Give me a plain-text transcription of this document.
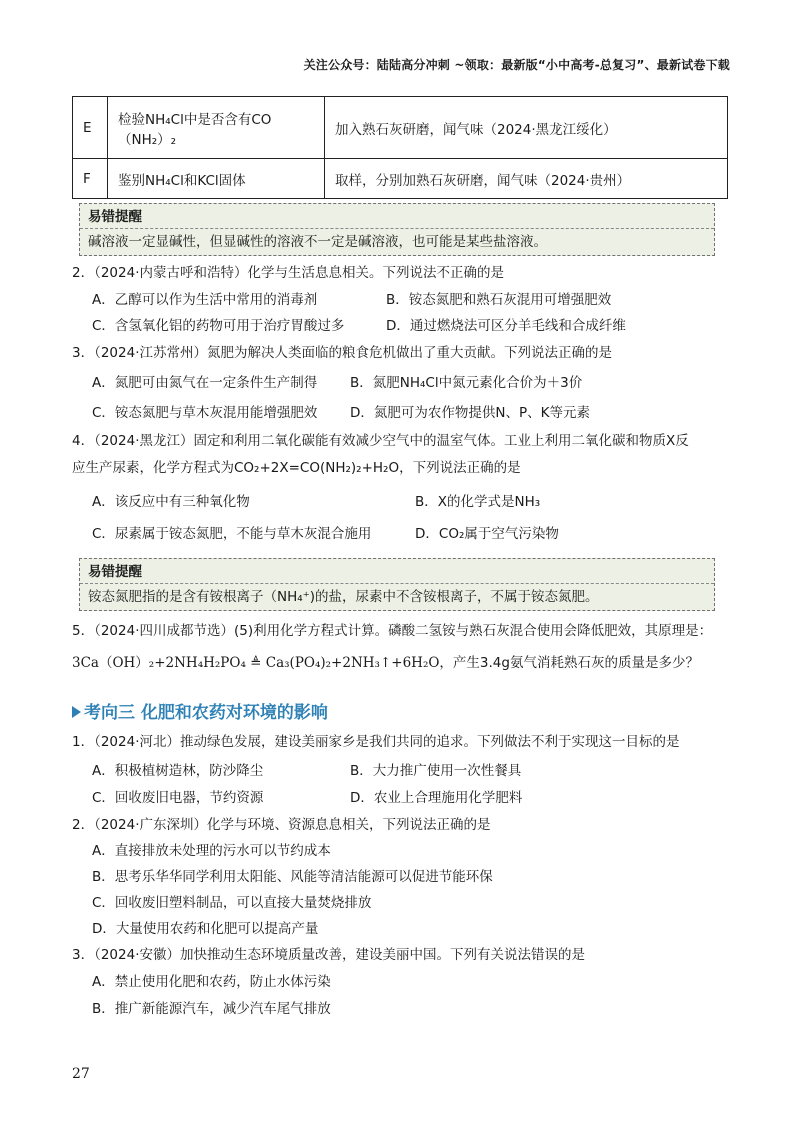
关注公众号：陆陆高分冲刺 ~领取：最新版“小中高考-总复习”、最新试卷下载
E	检验NH₄Cl中是否含有CO（NH₂）₂	加入熟石灰研磨，闻气味（2024·黑龙江绥化）
F	鉴别NH₄Cl和KCl固体	取样，分别加熟石灰研磨，闻气味（2024·贵州）
易错提醒
碱溶液一定显碱性，但显碱性的溶液不一定是碱溶液，也可能是某些盐溶液。
2．（2024·内蒙古呼和浩特）化学与生活息息相关。下列说法不正确的是
A．乙醇可以作为生活中常用的消毒剂	B．铵态氮肥和熟石灰混用可增强肥效
C．含氢氧化铝的药物可用于治疗胃酸过多	D．通过燃烧法可区分羊毛线和合成纤维
3．（2024·江苏常州）氮肥为解决人类面临的粮食危机做出了重大贡献。下列说法正确的是
A．氮肥可由氮气在一定条件生产制得 B．氮肥NH₄Cl中氮元素化合价为＋3价
C．铵态氮肥与草木灰混用能增强肥效 D．氮肥可为农作物提供N、P、K等元素
4．（2024·黑龙江）固定和利用二氧化碳能有效减少空气中的温室气体。工业上利用二氧化碳和物质X反
应生产尿素，化学方程式为CO₂+2X=CO(NH₂)₂+H₂O，下列说法正确的是
A．该反应中有三种氧化物	B．X的化学式是NH₃
C．尿素属于铵态氮肥，不能与草木灰混合施用	D．CO₂属于空气污染物
易错提醒
铵态氮肥指的是含有铵根离子（NH₄⁺)的盐，尿素中不含铵根离子，不属于铵态氮肥。
5．（2024·四川成都节选）(5)利用化学方程式计算。磷酸二氢铵与熟石灰混合使用会降低肥效，其原理是：
3Ca（OH）₂+2NH₄H₂PO₄ ≜ Ca₃(PO₄)₂+2NH₃↑+6H₂O，产生3.4g氨气消耗熟石灰的质量是多少？
考向三 化肥和农药对环境的影响
1．（2024·河北）推动绿色发展，建设美丽家乡是我们共同的追求。下列做法不利于实现这一目标的是
A．积极植树造林，防沙降尘	B．大力推广使用一次性餐具
C．回收废旧电器，节约资源	D．农业上合理施用化学肥料
2．（2024·广东深圳）化学与环境、资源息息相关，下列说法正确的是
A．直接排放未处理的污水可以节约成本
B．思考乐华华同学利用太阳能、风能等清洁能源可以促进节能环保
C．回收废旧塑料制品，可以直接大量焚烧排放
D．大量使用农药和化肥可以提高产量
3．（2024·安徽）加快推动生态环境质量改善，建设美丽中国。下列有关说法错误的是
A．禁止使用化肥和农药，防止水体污染
B．推广新能源汽车，减少汽车尾气排放
27
